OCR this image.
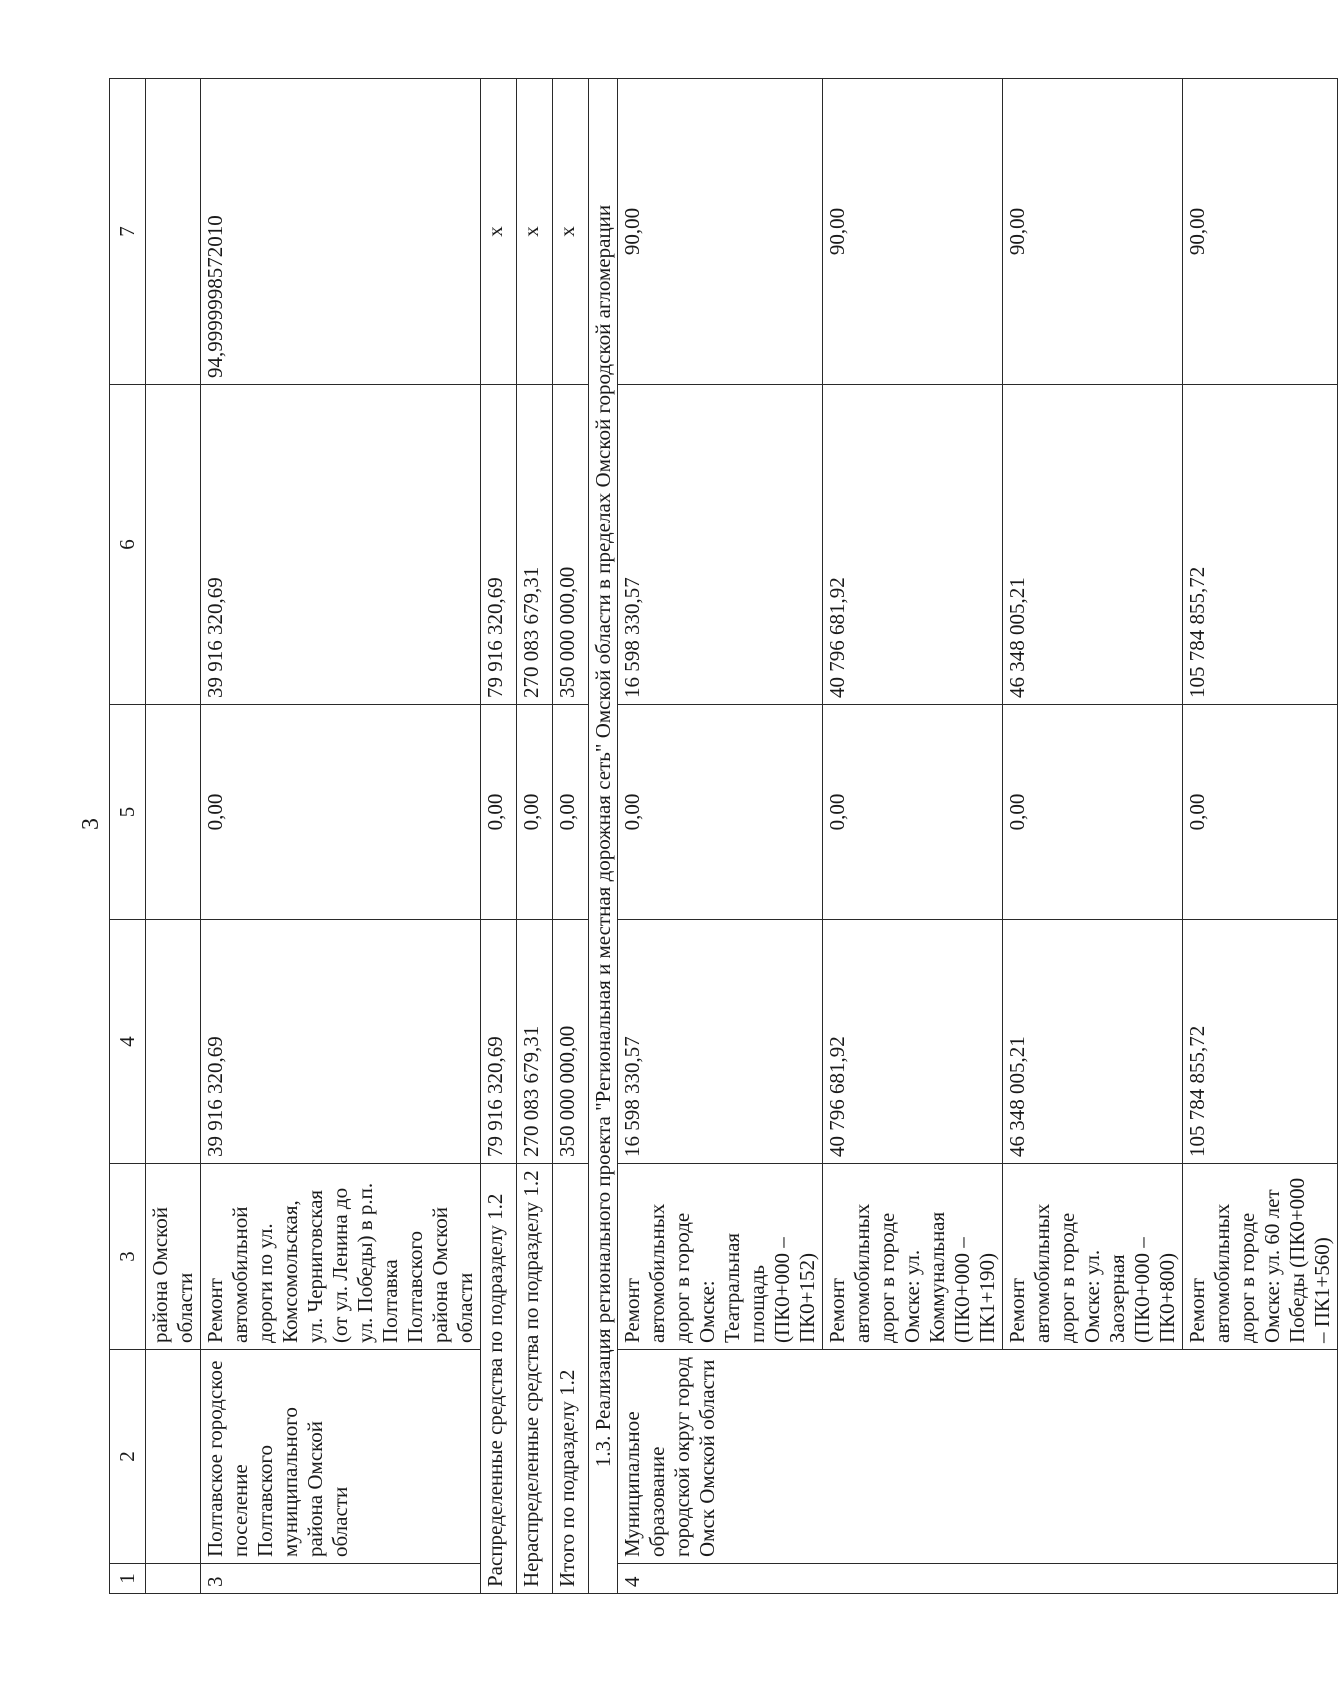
3
1	2	3	4	5	6	7
		района Омской области				
3	Полтавское городское поселение Полтавского муниципального района Омской области	Ремонт автомобильной дороги по ул. Комсомольская, ул. Черниговская (от ул. Ленина до ул. Победы) в р.п. Полтавка Полтавского района Омской области	39 916 320,69	0,00	39 916 320,69	94,9999998572010
Распределенные средства по подразделу 1.2			79 916 320,69	0,00	79 916 320,69	х
Нераспределенные средства по подразделу 1.2			270 083 679,31	0,00	270 083 679,31	х
Итого по подразделу 1.2			350 000 000,00	0,00	350 000 000,00	х
1.3. Реализация регионального проекта "Региональная и местная дорожная сеть" Омской области в пределах Омской городской агломерации						
4	Муниципальное образование городской округ город Омск Омской области	Ремонт автомобильных дорог в городе Омске: Театральная площадь (ПК0+000 – ПК0+152)	16 598 330,57	0,00	16 598 330,57	90,00
		Ремонт автомобильных дорог в городе Омске: ул. Коммунальная (ПК0+000 – ПК1+190)	40 796 681,92	0,00	40 796 681,92	90,00
		Ремонт автомобильных дорог в городе Омске: ул. Заозерная (ПК0+000 – ПК0+800)	46 348 005,21	0,00	46 348 005,21	90,00
		Ремонт автомобильных дорог в городе Омске: ул. 60 лет Победы (ПК0+000 – ПК1+560)	105 784 855,72	0,00	105 784 855,72	90,00
